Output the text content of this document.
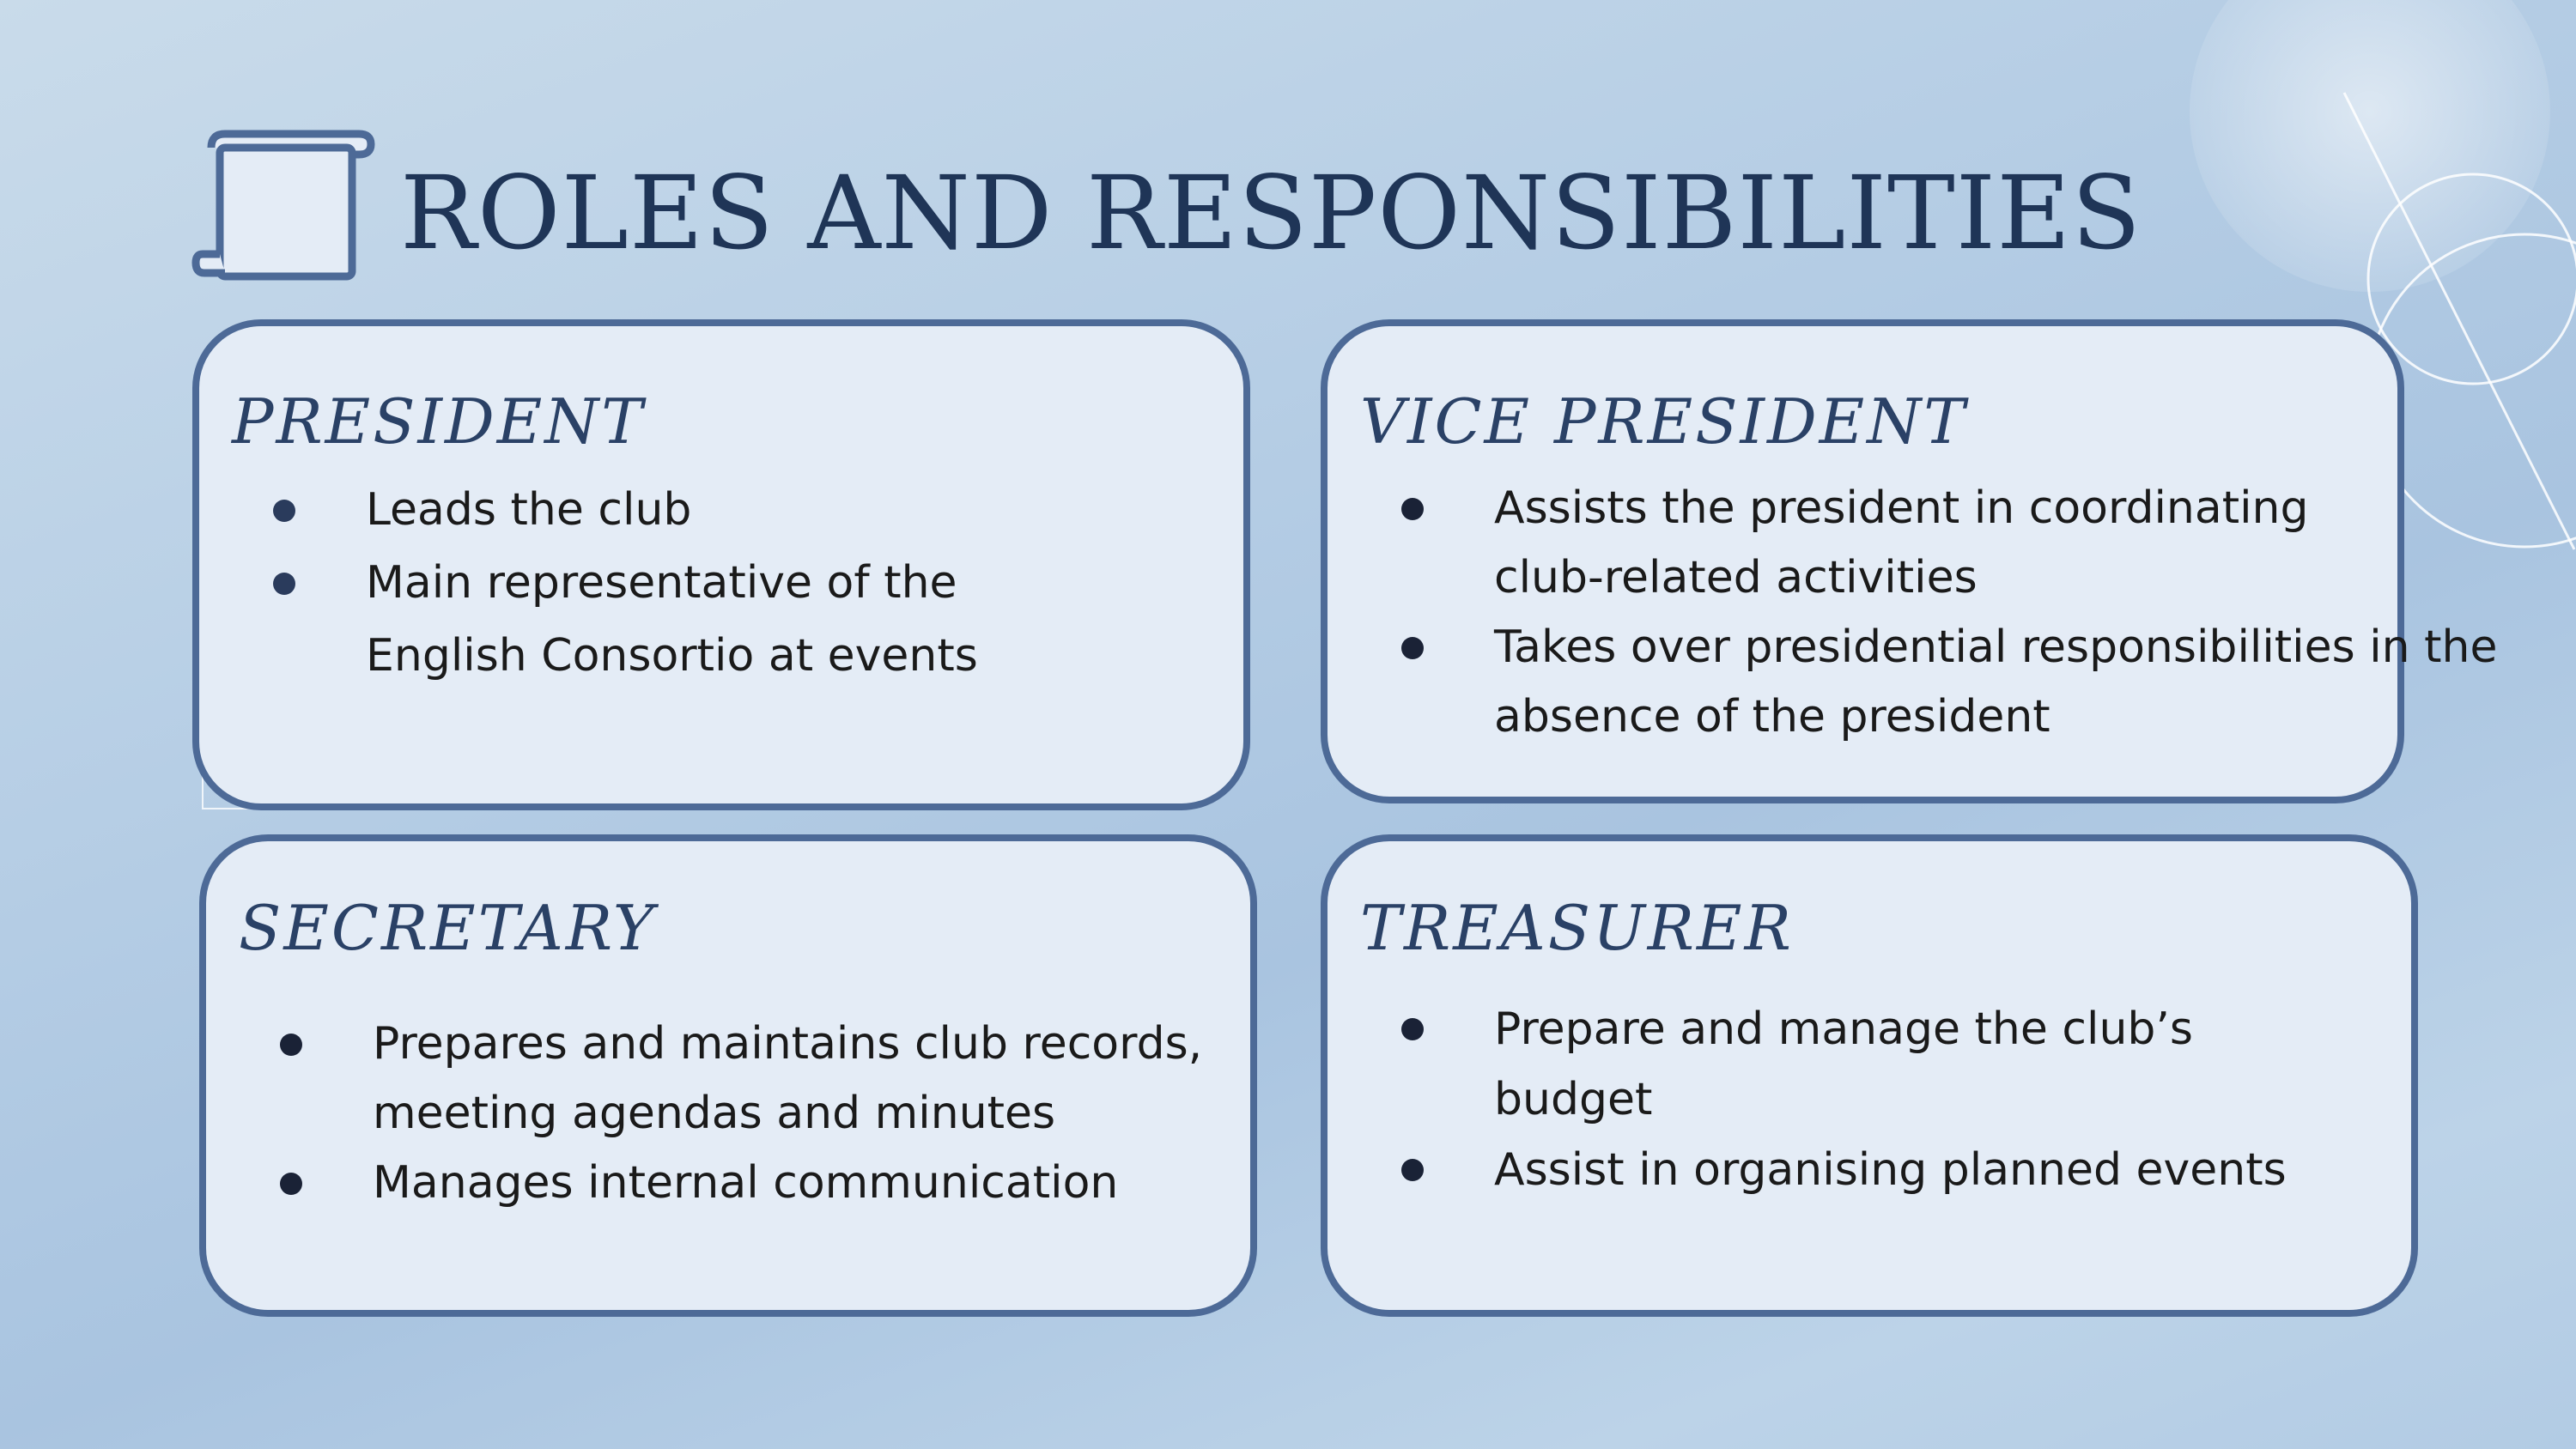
ROLES AND RESPONSIBILITIES
PRESIDENT
Leads the club
Main representative of the
English Consortio at events
VICE PRESIDENT
Assists the president in coordinating
club-related activities
Takes over presidential responsibilities in the
absence of the president
SECRETARY
Prepares and maintains club records,
meeting agendas and minutes
Manages internal communication
TREASURER
Prepare and manage the club’s
budget
Assist in organising planned events
